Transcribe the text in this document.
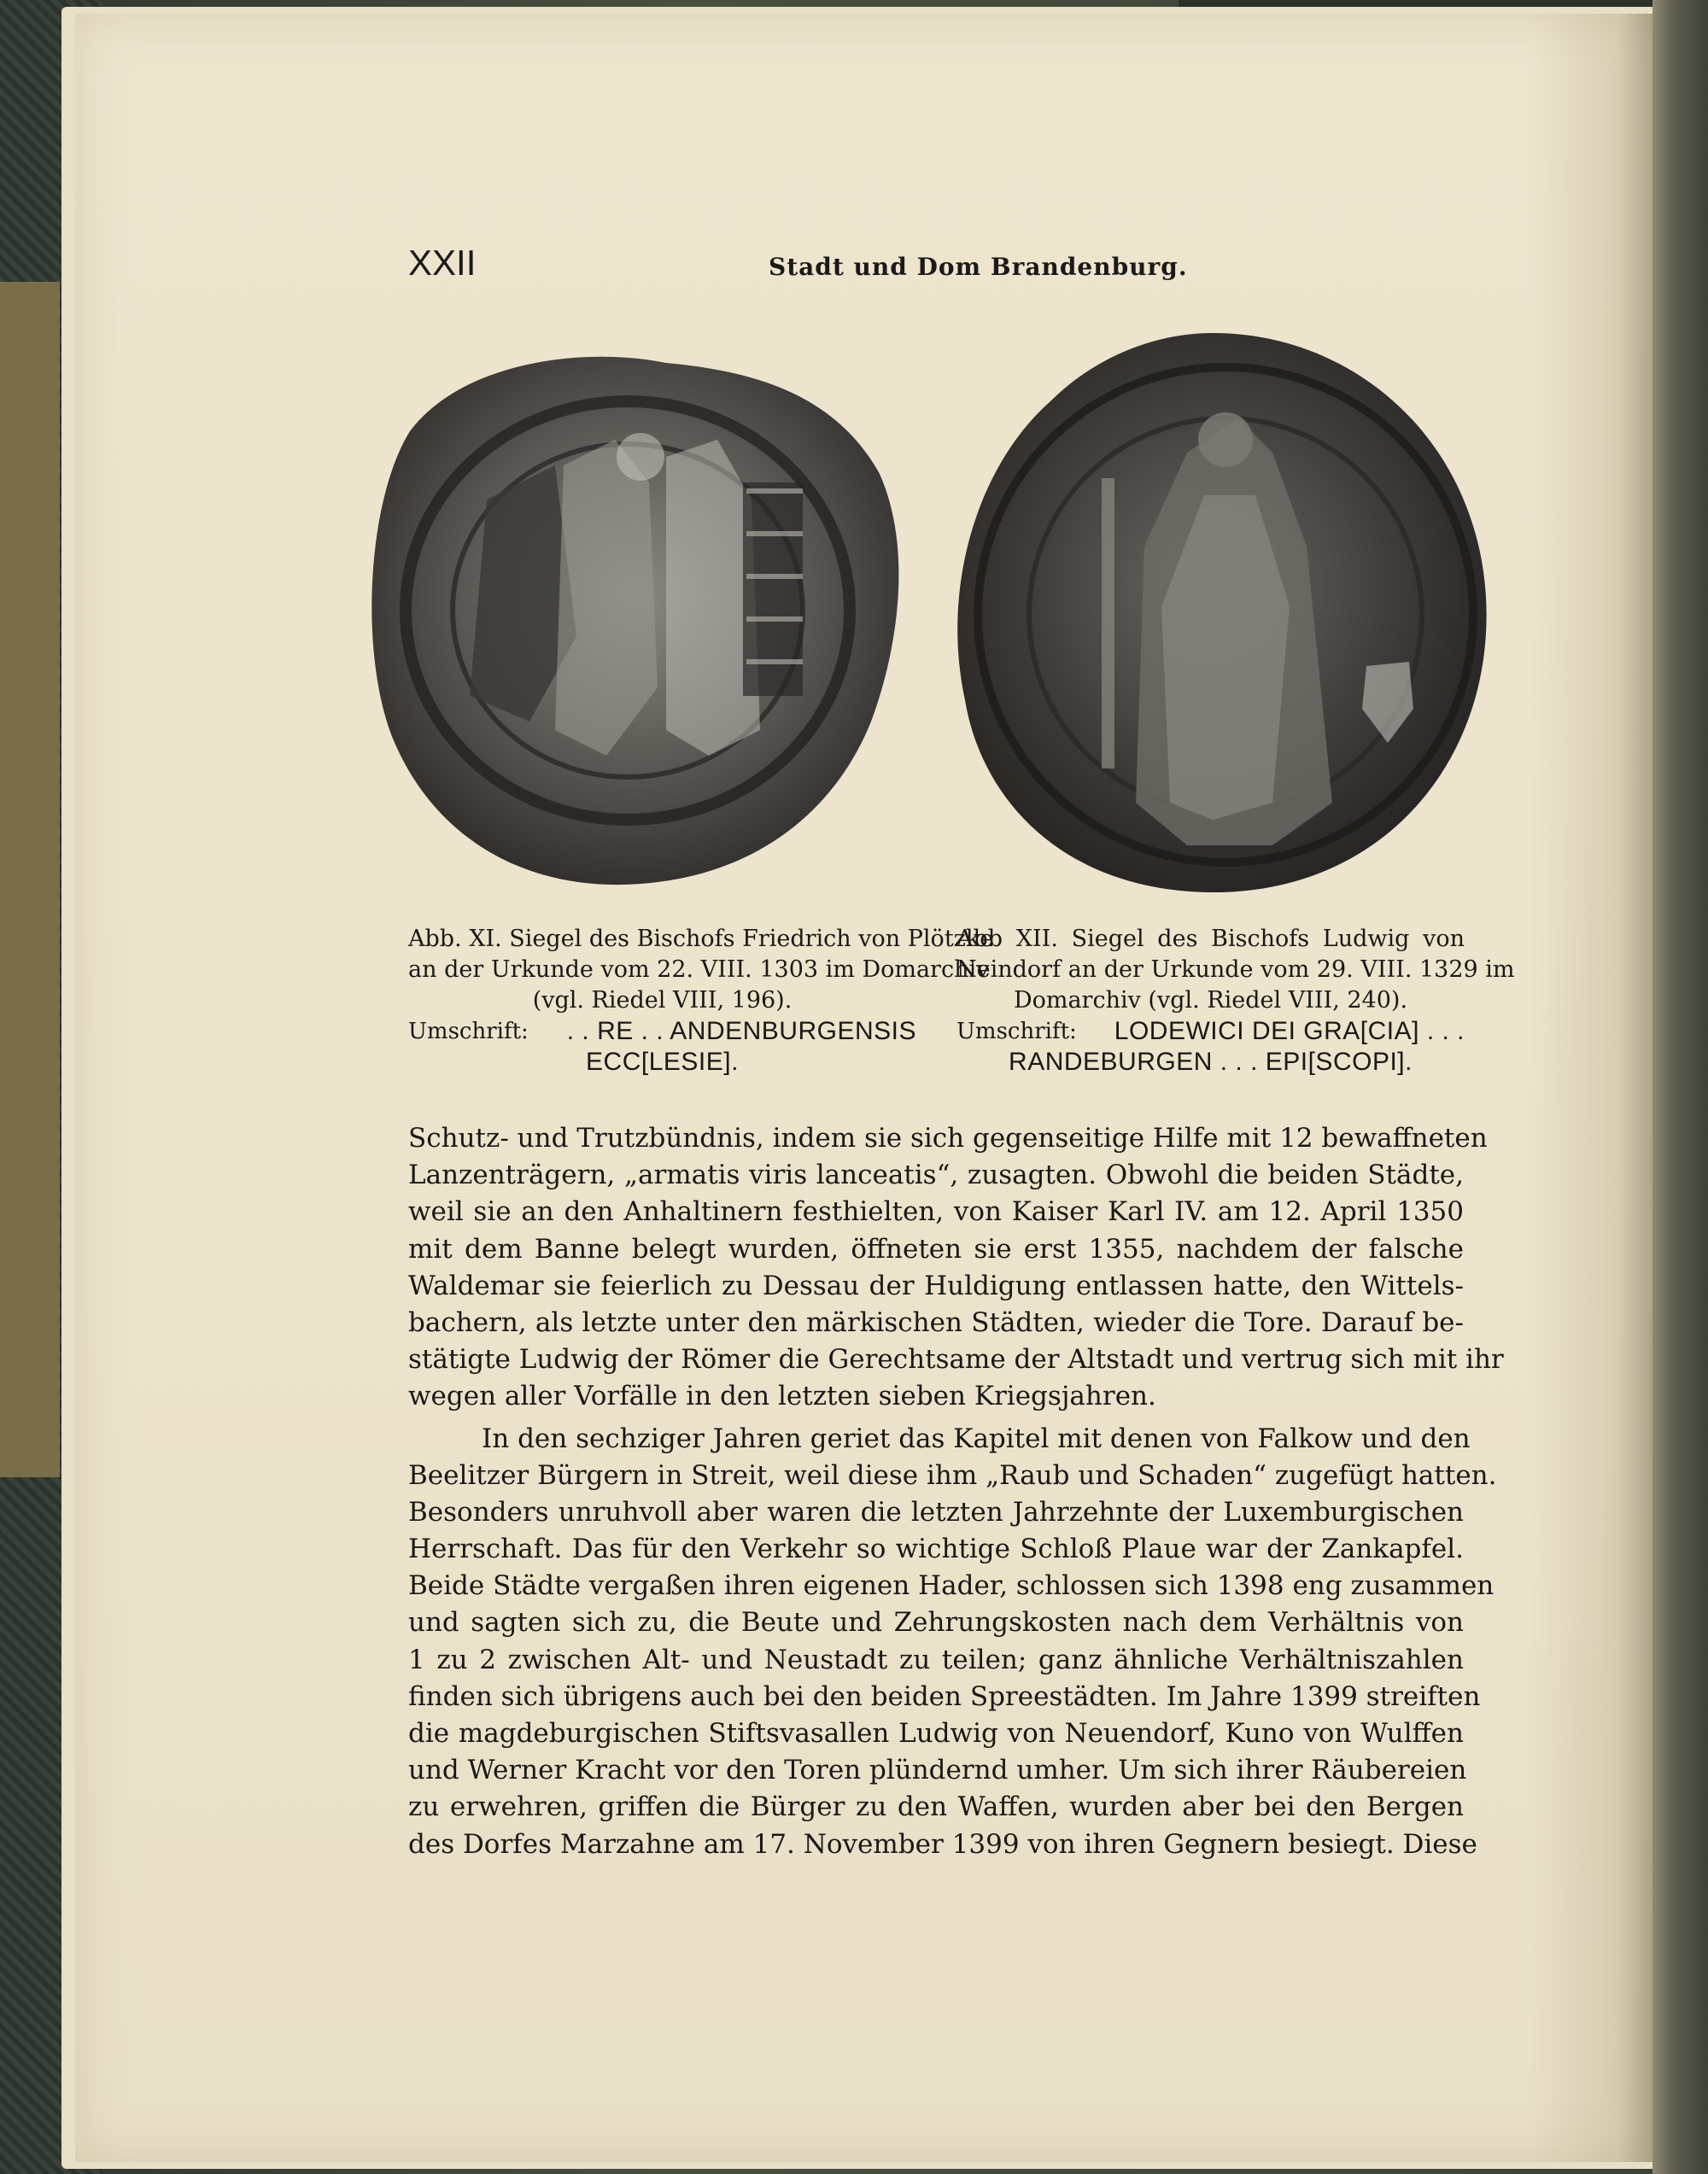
XXII	Stadt und Dom Brandenburg.
Abb. XI. Siegel des Bischofs Friedrich von Plötzke
an der Urkunde vom 22. VIII. 1303 im Domarchiv
(vgl. Riedel VIII, 196).
Umschrift: . . RE . . ANDENBURGENSIS
ECC[LESIE].
Abb XII. Siegel des Bischofs Ludwig von
Neindorf an der Urkunde vom 29. VIII. 1329 im
Domarchiv (vgl. Riedel VIII, 240).
Umschrift: LODEWICI DEI GRA[CIA] . . .
RANDEBURGEN . . . EPI[SCOPI].
Schutz- und Trutzbündnis, indem sie sich gegenseitige Hilfe mit 12 bewaffneten
Lanzenträgern, „armatis viris lanceatis“, zusagten. Obwohl die beiden Städte,
weil sie an den Anhaltinern festhielten, von Kaiser Karl IV. am 12. April 1350
mit dem Banne belegt wurden, öffneten sie erst 1355, nachdem der falsche
Waldemar sie feierlich zu Dessau der Huldigung entlassen hatte, den Wittels-
bachern, als letzte unter den märkischen Städten, wieder die Tore. Darauf be-
stätigte Ludwig der Römer die Gerechtsame der Altstadt und vertrug sich mit ihr
wegen aller Vorfälle in den letzten sieben Kriegsjahren.
In den sechziger Jahren geriet das Kapitel mit denen von Falkow und den
Beelitzer Bürgern in Streit, weil diese ihm „Raub und Schaden“ zugefügt hatten.
Besonders unruhvoll aber waren die letzten Jahrzehnte der Luxemburgischen
Herrschaft. Das für den Verkehr so wichtige Schloß Plaue war der Zankapfel.
Beide Städte vergaßen ihren eigenen Hader, schlossen sich 1398 eng zusammen
und sagten sich zu, die Beute und Zehrungskosten nach dem Verhältnis von
1 zu 2 zwischen Alt- und Neustadt zu teilen; ganz ähnliche Verhältniszahlen
finden sich übrigens auch bei den beiden Spreestädten. Im Jahre 1399 streiften
die magdeburgischen Stiftsvasallen Ludwig von Neuendorf, Kuno von Wulffen
und Werner Kracht vor den Toren plündernd umher. Um sich ihrer Räubereien
zu erwehren, griffen die Bürger zu den Waffen, wurden aber bei den Bergen
des Dorfes Marzahne am 17. November 1399 von ihren Gegnern besiegt. Diese
